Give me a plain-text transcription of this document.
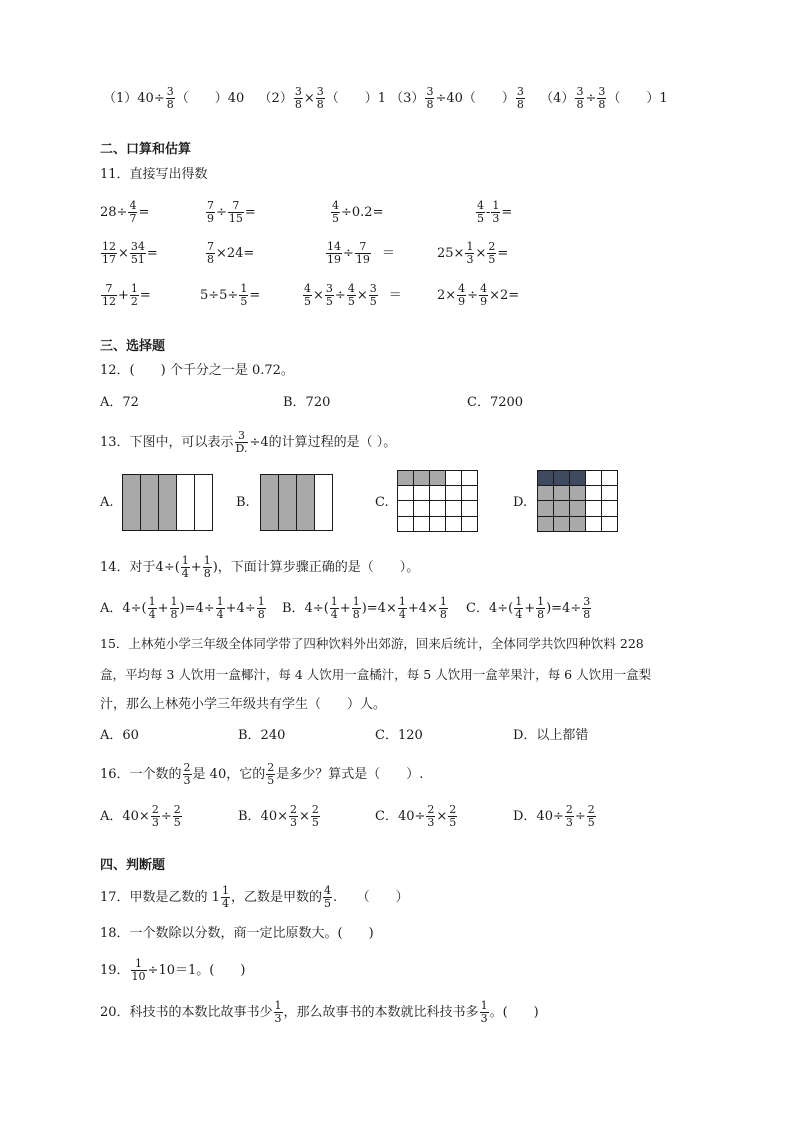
$(1)40\div \frac{3}{8}$ （　　）40 $(2) \frac{3}{8} \times \frac{3}{8}$ （　　）1 $(3) \frac{3}{8} \div 40$（　　） $\frac{3}{8} (4) \frac{3}{8} \div \frac{3}{8}$ （　　）1
二、口算和估算
11．直接写出得数
$28\div \frac{4}{7}$ =	$\frac{7}{9} \div \frac{7}{15}$ =	$\frac{4}{5} \div 0.2=$	$\frac{4}{5} - \frac{1}{3}$ =
$\frac{12}{17} \times \frac{34}{51}$ =	$\frac{7}{8} \times 24=$	$\frac{14}{19} \div \frac{7}{19}$ ＝	$25\times \frac{1}{3} \times \frac{2}{5}$ =
$\frac{7}{12} + \frac{1}{2}$ =	$5\div 5\div \frac{1}{5}$ =	$\frac{4}{5} \times \frac{3}{5} \div \frac{4}{5} \times \frac{3}{5}$ ＝	$2\times \frac{4}{9} \div \frac{4}{9} \times 2=$
三、选择题
12．(　　) 个千分之一是 0.72。
A．72	B．720	C．7200
13．下图中，可以表示 $\frac{3}{D.} \div 4$的计算过程的是（ ）。
A.	B.	C.	D.
14．对于$4\div( \frac{1}{4} + \frac{1}{8}$ )，下面计算步骤正确的是（　　）。
A．$4\div( \frac{1}{4} + \frac{1}{8} )=4\div \frac{1}{4} +4\div \frac{1}{8}$ B．$4\div( \frac{1}{4} + \frac{1}{8} )=4\times \frac{1}{4} +4\times \frac{1}{8}$ C．$4\div( \frac{1}{4} + \frac{1}{8} )=4\div \frac{3}{8}$
15．上林苑小学三年级全体同学带了四种饮料外出郊游，回来后统计，全体同学共饮四种饮料 228
盒，平均每 3 人饮用一盒椰汁，每 4 人饮用一盒橘汁，每 5 人饮用一盒苹果汁，每 6 人饮用一盒梨
汁，那么上林苑小学三年级共有学生（　　）人。
A．60	B．240	C．120	D．以上都错
16．一个数的 $\frac{2}{3}$ 是 40，它的 $\frac{2}{5}$ 是多少？算式是（　　）.
A．$40\times \frac{2}{3} \div \frac{2}{5}$	B．$40\times \frac{2}{3} \times \frac{2}{5}$	C．$40\div \frac{2}{3} \times \frac{2}{5}$	D．$40\div \frac{2}{3} \div \frac{2}{5}$
四、判断题
17．甲数是乙数的 $1 \frac{1}{4}$ ，乙数是甲数的 $\frac{4}{5}$ .　　（　　）
18．一个数除以分数，商一定比原数大。(　　)
19． $\frac{1}{10} \div 10=1$。(　　)
20．科技书的本数比故事书少 $\frac{1}{3}$ ，那么故事书的本数就比科技书多 $\frac{1}{3}$ 。(　　)
